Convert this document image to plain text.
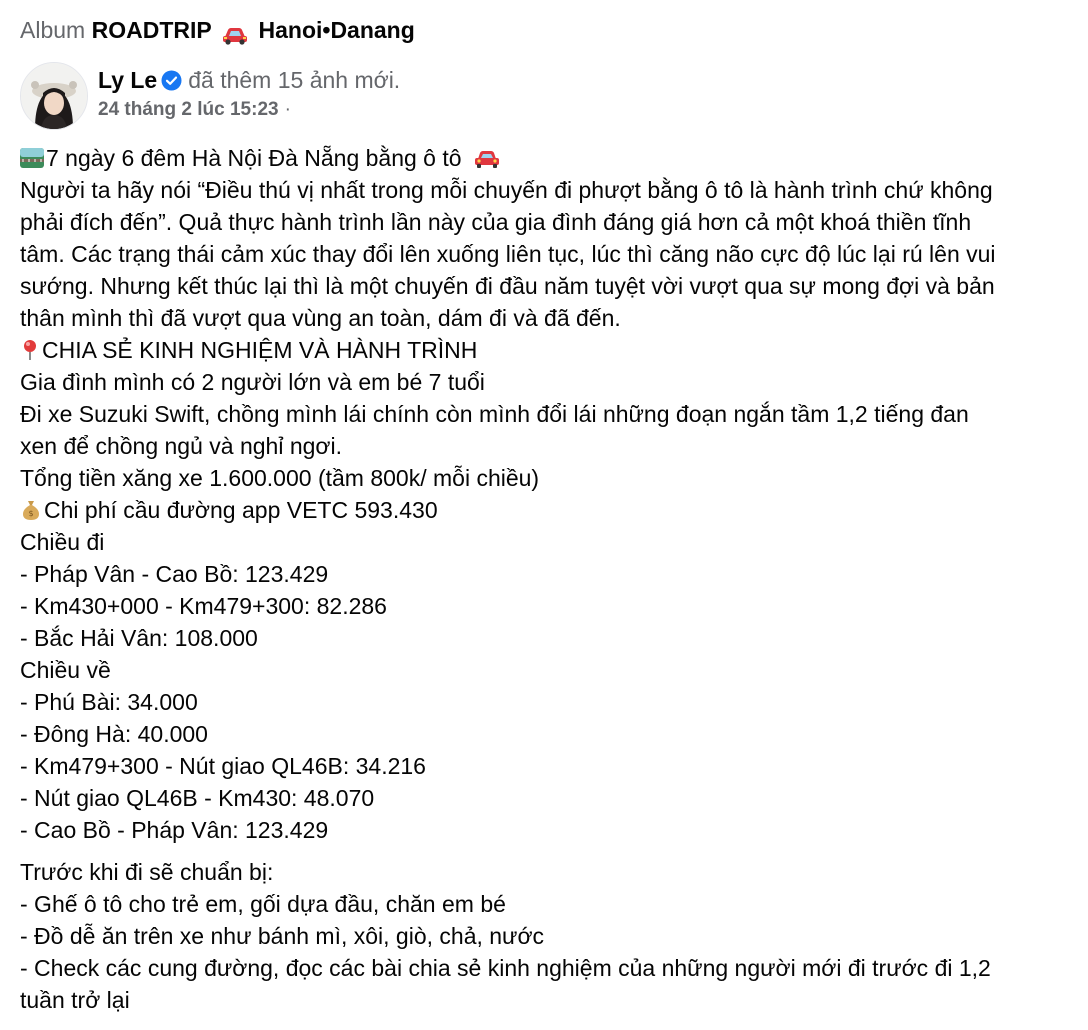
Album ROADTRIP Hanoi•Danang
Ly Le đã thêm 15 ảnh mới.
24 tháng 2 lúc 15:23 ·
7 ngày 6 đêm Hà Nội Đà Nẵng bằng ô tô
Người ta hãy nói “Điều thú vị nhất trong mỗi chuyến đi phượt bằng ô tô là hành trình chứ không
phải đích đến”. Quả thực hành trình lần này của gia đình đáng giá hơn cả một khoá thiền tĩnh
tâm. Các trạng thái cảm xúc thay đổi lên xuống liên tục, lúc thì căng não cực độ lúc lại rú lên vui
sướng. Nhưng kết thúc lại thì là một chuyến đi đầu năm tuyệt vời vượt qua sự mong đợi và bản
thân mình thì đã vượt qua vùng an toàn, dám đi và đã đến.
CHIA SẺ KINH NGHIỆM VÀ HÀNH TRÌNH
Gia đình mình có 2 người lớn và em bé 7 tuổi
Đi xe Suzuki Swift, chồng mình lái chính còn mình đổi lái những đoạn ngắn tầm 1,2 tiếng đan
xen để chồng ngủ và nghỉ ngơi.
Tổng tiền xăng xe 1.600.000 (tầm 800k/ mỗi chiều)
$ Chi phí cầu đường app VETC 593.430
Chiều đi
- Pháp Vân - Cao Bồ: 123.429
- Km430+000 - Km479+300: 82.286
- Bắc Hải Vân: 108.000
Chiều về
- Phú Bài: 34.000
- Đông Hà: 40.000
- Km479+300 - Nút giao QL46B: 34.216
- Nút giao QL46B - Km430: 48.070
- Cao Bồ - Pháp Vân: 123.429
Trước khi đi sẽ chuẩn bị:
- Ghế ô tô cho trẻ em, gối dựa đầu, chăn em bé
- Đồ dễ ăn trên xe như bánh mì, xôi, giò, chả, nước
- Check các cung đường, đọc các bài chia sẻ kinh nghiệm của những người mới đi trước đi 1,2
tuần trở lại
